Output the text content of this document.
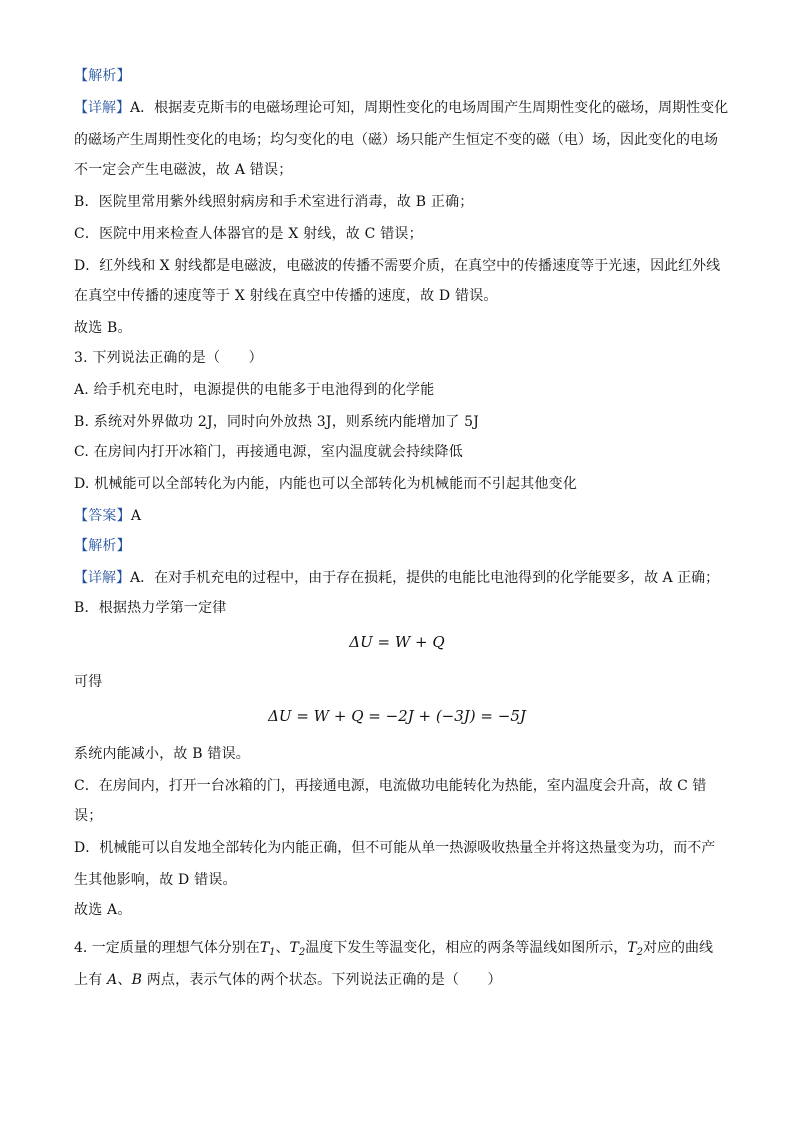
【解析】
【详解】A．根据麦克斯韦的电磁场理论可知，周期性变化的电场周围产生周期性变化的磁场，周期性变化
的磁场产生周期性变化的电场；均匀变化的电（磁）场只能产生恒定不变的磁（电）场，因此变化的电场
不一定会产生电磁波，故 A 错误；
B．医院里常用紫外线照射病房和手术室进行消毒，故 B 正确；
C．医院中用来检查人体器官的是 X 射线，故 C 错误；
D．红外线和 X 射线都是电磁波，电磁波的传播不需要介质，在真空中的传播速度等于光速，因此红外线
在真空中传播的速度等于 X 射线在真空中传播的速度，故 D 错误。
故选 B。
3. 下列说法正确的是（　　）
A. 给手机充电时，电源提供的电能多于电池得到的化学能
B. 系统对外界做功 2J，同时向外放热 3J，则系统内能增加了 5J
C. 在房间内打开冰箱门，再接通电源，室内温度就会持续降低
D. 机械能可以全部转化为内能，内能也可以全部转化为机械能而不引起其他变化
【答案】A
【解析】
【详解】A．在对手机充电的过程中，由于存在损耗，提供的电能比电池得到的化学能要多，故 A 正确；
B．根据热力学第一定律
ΔU = W + Q
可得
ΔU = W + Q = −2J + (−3J) = −5J
系统内能减小，故 B 错误。
C．在房间内，打开一台冰箱的门，再接通电源，电流做功电能转化为热能，室内温度会升高，故 C 错
误；
D．机械能可以自发地全部转化为内能正确，但不可能从单一热源吸收热量全并将这热量变为功，而不产
生其他影响，故 D 错误。
故选 A。
4. 一定质量的理想气体分别在$T_1$、$T_2$温度下发生等温变化，相应的两条等温线如图所示，$T_2$对应的曲线
上有 A、B 两点，表示气体的两个状态。下列说法正确的是（　　）
